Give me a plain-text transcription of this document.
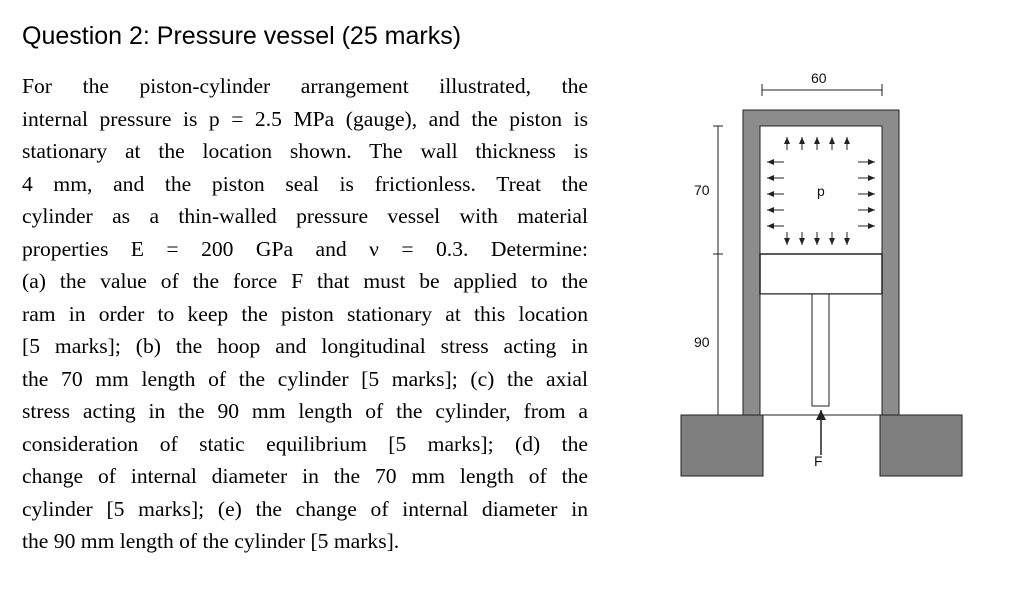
Question 2: Pressure vessel (25 marks)
For the piston-cylinder arrangement illustrated, the
internal pressure is p = 2.5 MPa (gauge), and the piston is
stationary at the location shown. The wall thickness is
4 mm, and the piston seal is frictionless. Treat the
cylinder as a thin-walled pressure vessel with material
properties E = 200 GPa and ν = 0.3. Determine:
(a) the value of the force F that must be applied to the
ram in order to keep the piston stationary at this location
[5 marks]; (b) the hoop and longitudinal stress acting in
the 70 mm length of the cylinder [5 marks]; (c) the axial
stress acting in the 90 mm length of the cylinder, from a
consideration of static equilibrium [5 marks]; (d) the
change of internal diameter in the 70 mm length of the
cylinder [5 marks]; (e) the change of internal diameter in
the 90 mm length of the cylinder [5 marks].
F
p
60
70
90
